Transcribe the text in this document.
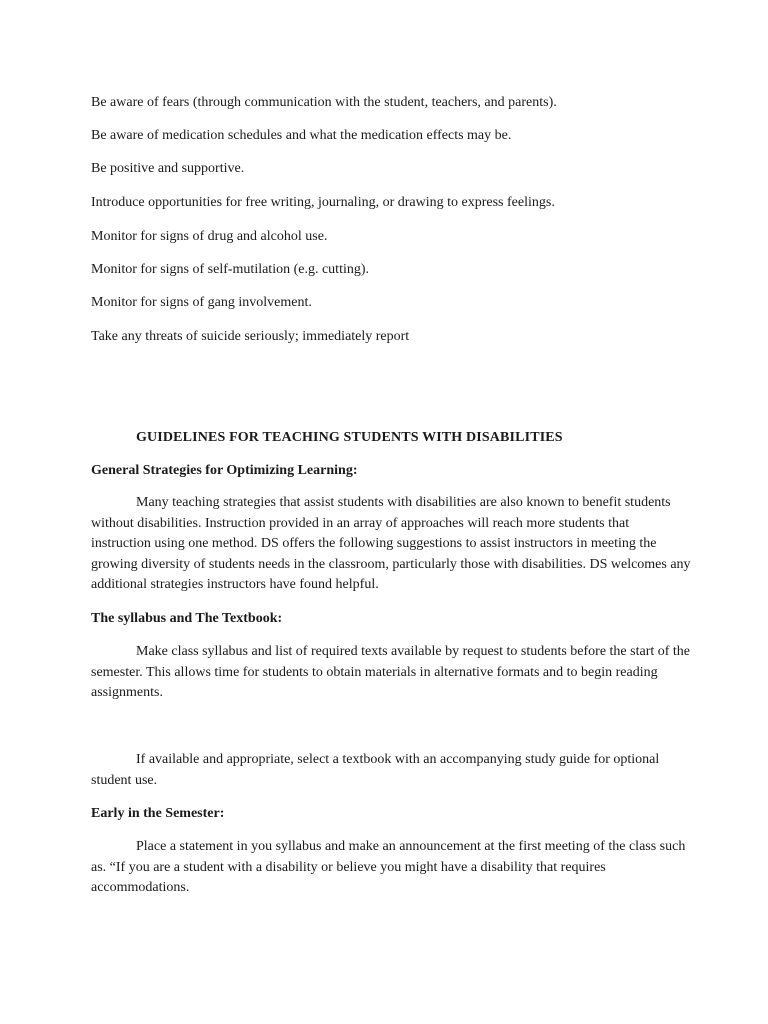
Be aware of fears (through communication with the student, teachers, and parents).
Be aware of medication schedules and what the medication effects may be.
Be positive and supportive.
Introduce opportunities for free writing, journaling, or drawing to express feelings.
Monitor for signs of drug and alcohol use.
Monitor for signs of self-mutilation (e.g. cutting).
Monitor for signs of gang involvement.
Take any threats of suicide seriously; immediately report
GUIDELINES FOR TEACHING STUDENTS WITH DISABILITIES
General Strategies for Optimizing Learning:
Many teaching strategies that assist students with disabilities are also known to benefit students without disabilities. Instruction provided in an array of approaches will reach more students that instruction using one method. DS offers the following suggestions to assist instructors in meeting the growing diversity of students needs in the classroom, particularly those with disabilities. DS welcomes any additional strategies instructors have found helpful.
The syllabus and The Textbook:
Make class syllabus and list of required texts available by request to students before the start of the semester. This allows time for students to obtain materials in alternative formats and to begin reading assignments.
If available and appropriate, select a textbook with an accompanying study guide for optional student use.
Early in the Semester:
Place a statement in you syllabus and make an announcement at the first meeting of the class such as. “If you are a student with a disability or believe you might have a disability that requires accommodations.
